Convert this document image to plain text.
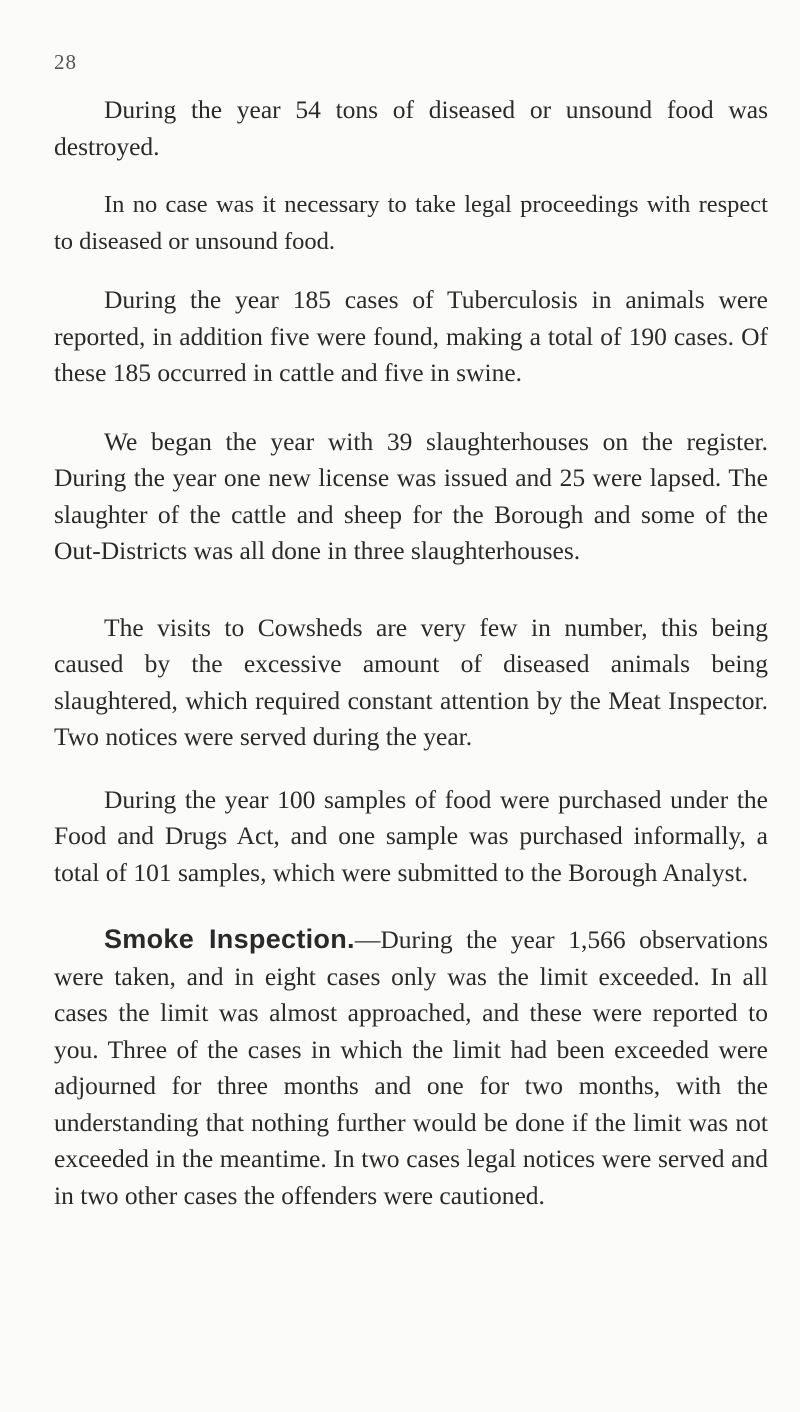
28

During the year 54 tons of diseased or unsound food was destroyed.

In no case was it necessary to take legal proceedings with respect to diseased or unsound food.

During the year 185 cases of Tuberculosis in animals were reported, in addition five were found, making a total of 190 cases. Of these 185 occurred in cattle and five in swine.

We began the year with 39 slaughterhouses on the register. During the year one new license was issued and 25 were lapsed. The slaughter of the cattle and sheep for the Borough and some of the Out-Districts was all done in three slaughterhouses.

The visits to Cowsheds are very few in number, this being caused by the excessive amount of diseased animals being slaughtered, which required constant attention by the Meat Inspector. Two notices were served during the year.

During the year 100 samples of food were purchased under the Food and Drugs Act, and one sample was purchased informally, a total of 101 samples, which were submitted to the Borough Analyst.

Smoke Inspection.—During the year 1,566 observations were taken, and in eight cases only was the limit exceeded. In all cases the limit was almost approached, and these were reported to you. Three of the cases in which the limit had been exceeded were adjourned for three months and one for two months, with the understanding that nothing further would be done if the limit was not exceeded in the meantime. In two cases legal notices were served and in two other cases the offenders were cautioned.
